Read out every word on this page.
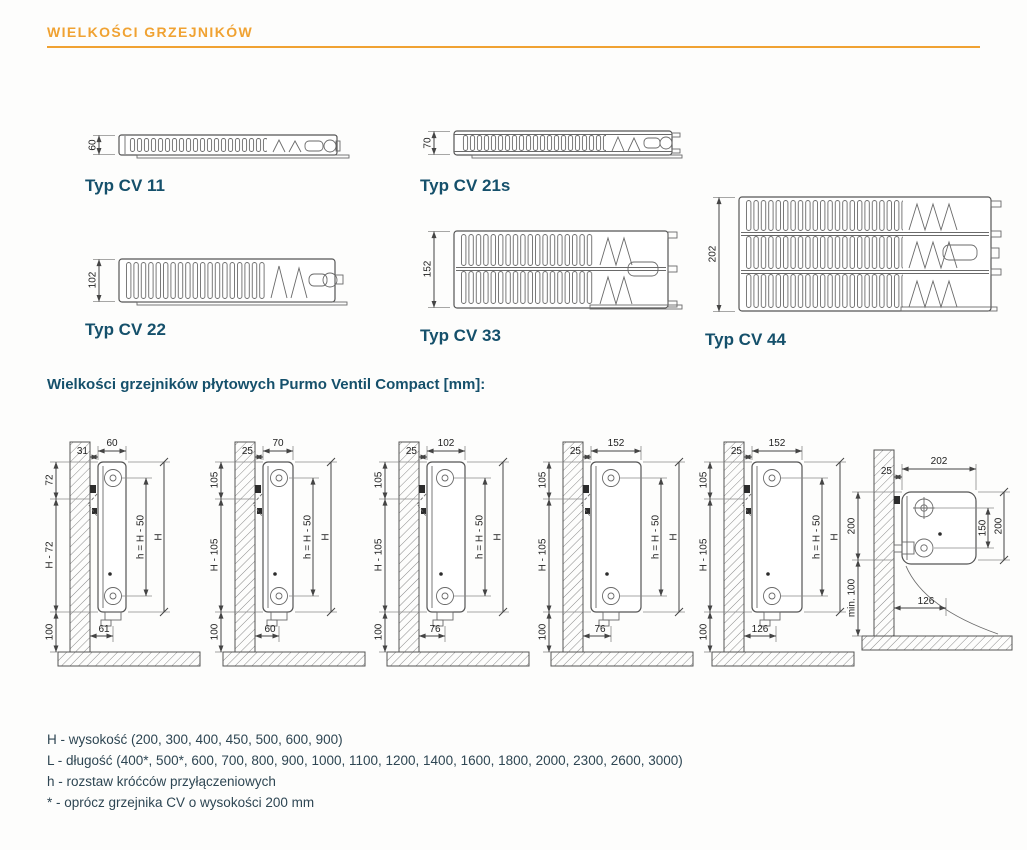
WIELKOŚCI GRZEJNIKÓW
60
Typ CV 11
70
Typ CV 21s
102
Typ CV 22
152
Typ CV 33
202
Typ CV 44
Wielkości grzejników płytowych Purmo Ventil Compact [mm]:
60
31
72
H - 72
100
h = H - 50 H
61
70
25
105
H - 105
100
h = H - 50 H
60
102
25
105
H - 105
100
h = H - 50 H
76
152
25
105
H - 105
100
h = H - 50 H
76
152
25
105
H - 105
100
h = H - 50 H
126
202
25
150 200
200
min. 100	126

H - wysokość (200, 300, 400, 450, 500, 600, 900)

L - długość (400*, 500*, 600, 700, 800, 900, 1000, 1100, 1200, 1400, 1600, 1800, 2000, 2300, 2600, 3000)

h - rozstaw króćców przyłączeniowych

* - oprócz grzejnika CV o wysokości 200 mm
